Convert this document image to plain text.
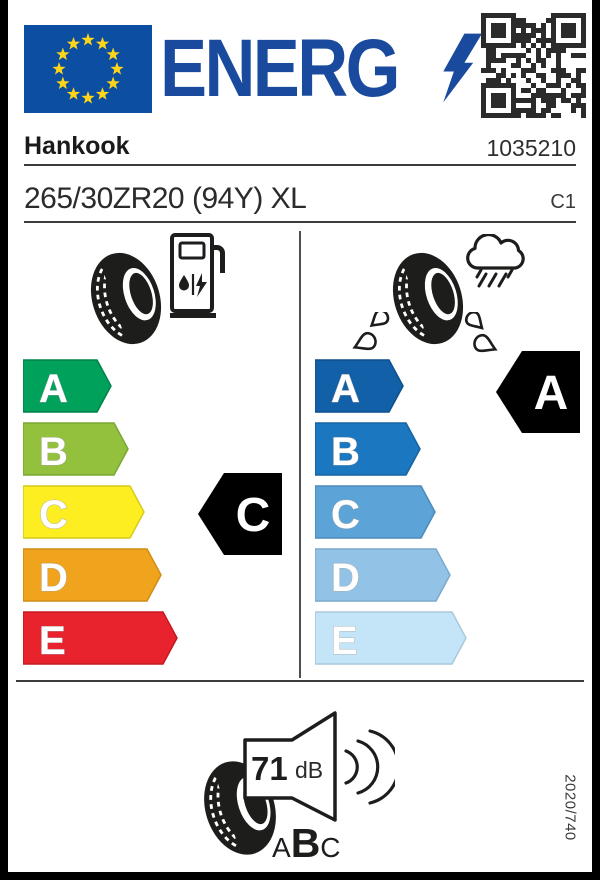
ENERG
Hankook	1035210
265/30ZR20 (94Y) XL	C1
A
B
C
D
E
C
A
B
C
D
E
A
71 dB
A B C
2020/740
